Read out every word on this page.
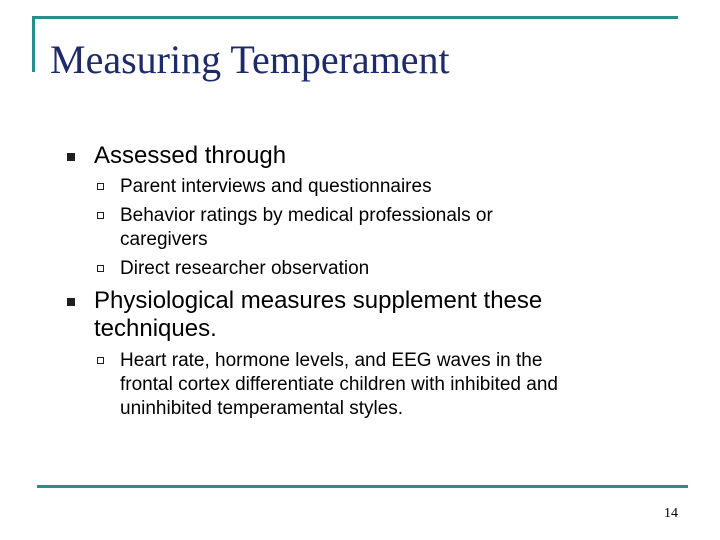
Measuring Temperament
Assessed through
Parent interviews and questionnaires
Behavior ratings by medical professionals or
caregivers
Direct researcher observation
Physiological measures supplement these
techniques.
Heart rate, hormone levels, and EEG waves in the
frontal cortex differentiate children with inhibited and
uninhibited temperamental styles.
14
